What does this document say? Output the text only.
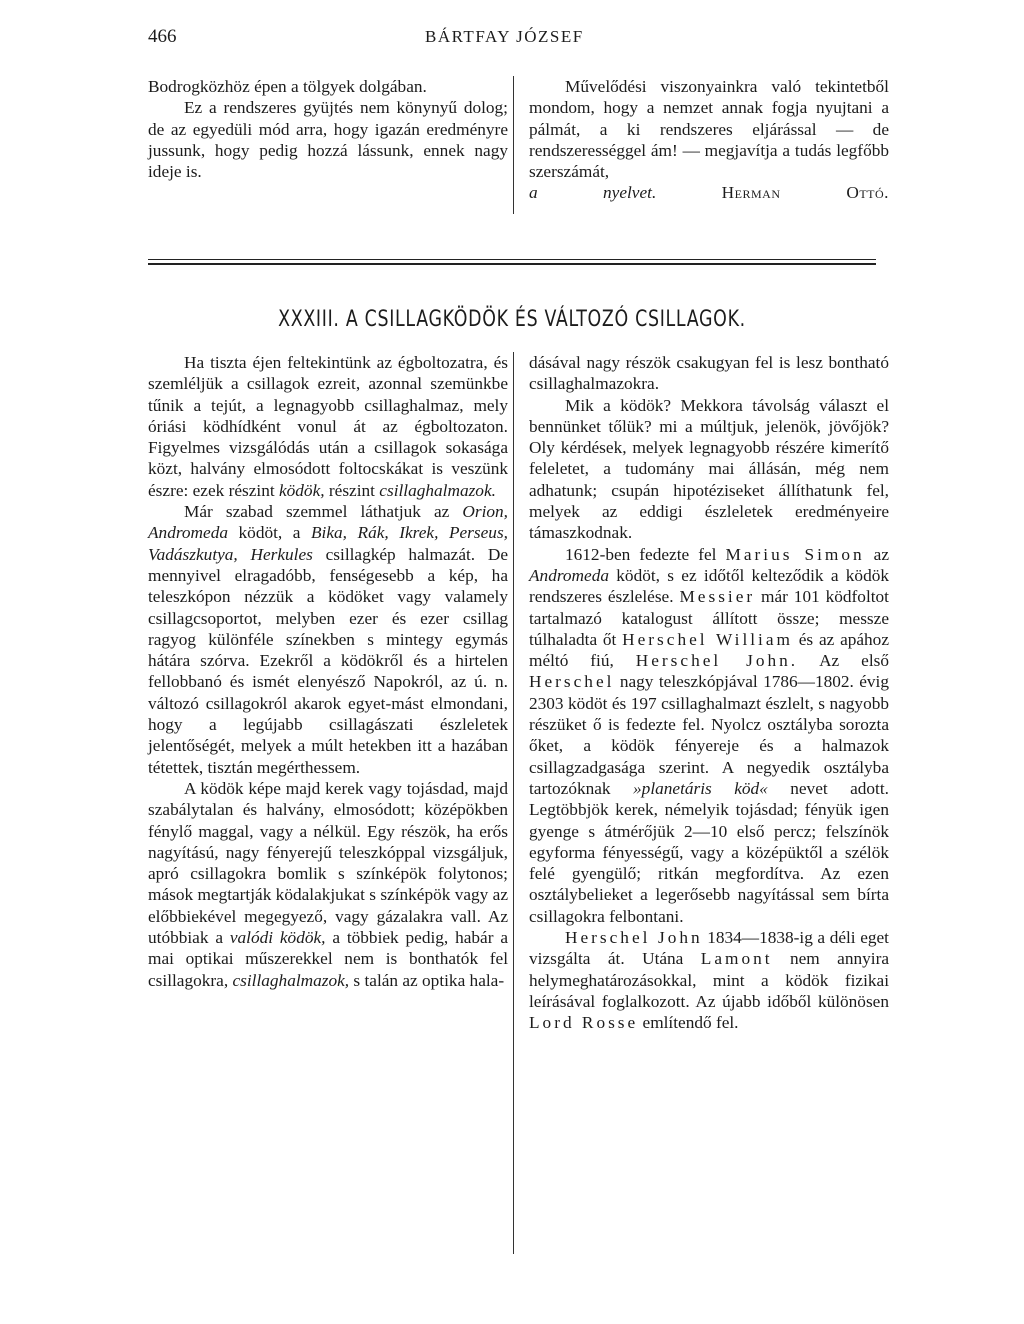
466	BÁRTFAY JÓZSEF

Bodrogközhöz épen a tölgyek dolgában.

Ez a rendszeres gyüjtés nem könynyű dolog; de az egyedüli mód arra, hogy igazán eredményre jussunk, hogy pedig hozzá lássunk, ennek nagy ideje is.

Művelődési viszonyainkra való tekintetből mondom, hogy a nemzet annak fogja nyujtani a pálmát, a ki rendszeres eljárással — de rendszerességgel ám! — megjavítja a tudás legfőbb szerszámát,

a nyelvet.	Herman Ottó.

XXXIII. A CSILLAGKÖDÖK ÉS VÁLTOZÓ CSILLAGOK.

Ha tiszta éjen feltekintünk az égboltozatra, és szemléljük a csillagok ezreit, azonnal szemünkbe tűnik a tejút, a legnagyobb csillaghalmaz, mely óriási ködhídként vonul át az égboltozaton. Figyelmes vizsgálódás után a csillagok sokasága közt, halvány elmosódott foltocskákat is veszünk észre: ezek részint ködök, részint csillaghalmazok.

Már szabad szemmel láthatjuk az Orion, Andromeda ködöt, a Bika, Rák, Ikrek, Perseus, Vadászkutya, Herkules csillagkép halmazát. De mennyivel elragadóbb, fenségesebb a kép, ha teleszkópon nézzük a ködöket vagy valamely csillagcsoportot, melyben ezer és ezer csillag ragyog különféle színekben s mintegy egymás hátára szórva. Ezekről a ködökről és a hirtelen fellobbanó és ismét elenyésző Napokról, az ú. n. változó csillagokról akarok egyet-mást elmondani, hogy a legújabb csillagászati észleletek jelentőségét, melyek a múlt hetekben itt a hazában tétettek, tisztán megérthessem.

A ködök képe majd kerek vagy tojásdad, majd szabálytalan és halvány, elmosódott; középökben fénylő maggal, vagy a nélkül. Egy részök, ha erős nagyítású, nagy fényerejű teleszkóppal vizsgáljuk, apró csillagokra bomlik s színképök folytonos; mások megtartják ködalakjukat s színképök vagy az előbbiekével megegyező, vagy gázalakra vall. Az utóbbiak a valódi ködök, a többiek pedig, habár a mai optikai műszerekkel nem is bonthatók fel csillagokra, csillaghalmazok, s talán az optika hala-

dásával nagy részök csakugyan fel is lesz bontható csillaghalmazokra.

Mik a ködök? Mekkora távolság választ el bennünket tőlük? mi a múltjuk, jelenök, jövőjök? Oly kérdések, melyek legnagyobb részére kimerítő feleletet, a tudomány mai állásán, még nem adhatunk; csupán hipotéziseket állíthatunk fel, melyek az eddigi észleletek eredményeire támaszkodnak.

1612-ben fedezte fel Marius Simon az Andromeda ködöt, s ez időtől kelteződik a ködök rendszeres észlelése. Messier már 101 ködfoltot tartalmazó katalogust állított össze; messze túlhaladta őt Herschel William és az apához méltó fiú, Herschel John. Az első Herschel nagy teleszkópjával 1786—1802. évig 2303 ködöt és 197 csillaghalmazt észlelt, s nagyobb részüket ő is fedezte fel. Nyolcz osztályba sorozta őket, a ködök fényereje és a halmazok csillagzadgasága szerint. A negyedik osztályba tartozóknak »planetáris köd« nevet adott. Legtöbbjök kerek, némelyik tojásdad; fényük igen gyenge s átmérőjük 2—10 első percz; felszínök egyforma fényességű, vagy a középüktől a szélök felé gyengülő; ritkán megfordítva. Az ezen osztálybelieket a legerősebb nagyítással sem bírta csillagokra felbontani.

Herschel John 1834—1838-ig a déli eget vizsgálta át. Utána Lamont nem annyira helymeghatározásokkal, mint a ködök fizikai leírásával foglalkozott. Az újabb időből különösen Lord Rosse említendő fel.
